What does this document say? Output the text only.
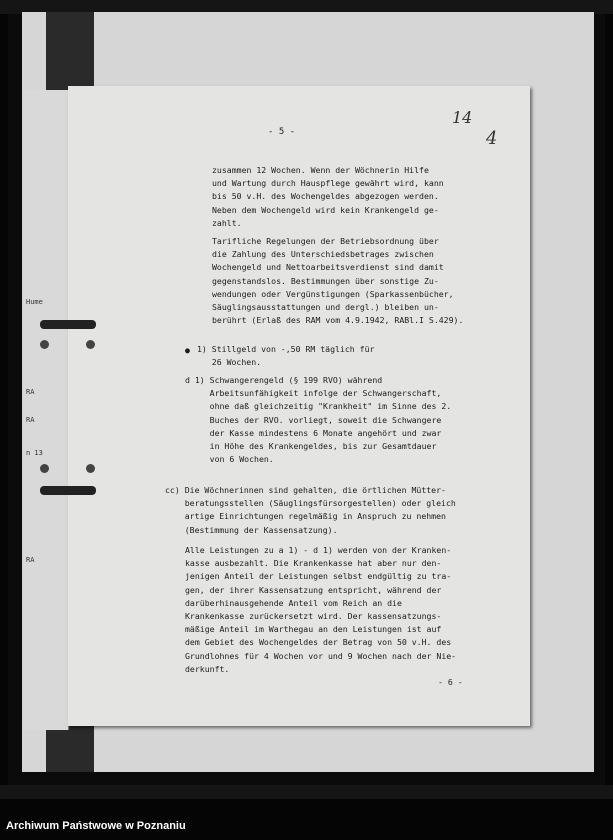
Hume
RA
RA
n 13
RA
- 5 -
14
4
zusammen 12 Wochen. Wenn der Wöchnerin Hilfe
und Wartung durch Hauspflege gewährt wird, kann
bis 50 v.H. des Wochengeldes abgezogen werden.
Neben dem Wochengeld wird kein Krankengeld ge-
zahlt.
Tarifliche Regelungen der Betriebsordnung über
die Zahlung des Unterschiedsbetrages zwischen
Wochengeld und Nettoarbeitsverdienst sind damit
gegenstandslos. Bestimmungen über sonstige Zu-
wendungen oder Vergünstigungen (Sparkassenbücher,
Säuglingsausstattungen und dergl.) bleiben un-
berührt (Erlaß des RAM vom 4.9.1942, RABl.I S.429).
● 1) Stillgeld von -,50 RM täglich für
26 Wochen.
d 1) Schwangerengeld (§ 199 RVO) während
Arbeitsunfähigkeit infolge der Schwangerschaft,
ohne daß gleichzeitig "Krankheit" im Sinne des 2.
Buches der RVO. vorliegt, soweit die Schwangere
der Kasse mindestens 6 Monate angehört und zwar
in Höhe des Krankengeldes, bis zur Gesamtdauer
von 6 Wochen.
cc) Die Wöchnerinnen sind gehalten, die örtlichen Mütter-
beratungsstellen (Säuglingsfürsorgestellen) oder gleich
artige Einrichtungen regelmäßig in Anspruch zu nehmen
(Bestimmung der Kassensatzung).
Alle Leistungen zu a 1) - d 1) werden von der Kranken-
kasse ausbezahlt. Die Krankenkasse hat aber nur den-
jenigen Anteil der Leistungen selbst endgültig zu tra-
gen, der ihrer Kassensatzung entspricht, während der
darüberhinausgehende Anteil vom Reich an die
Krankenkasse zurückersetzt wird. Der kassensatzungs-
mäßige Anteil im Warthegau an den Leistungen ist auf
dem Gebiet des Wochengeldes der Betrag von 50 v.H. des
Grundlohnes für 4 Wochen vor und 9 Wochen nach der Nie-
derkunft.
- 6 -
Archiwum Państwowe w Poznaniu
